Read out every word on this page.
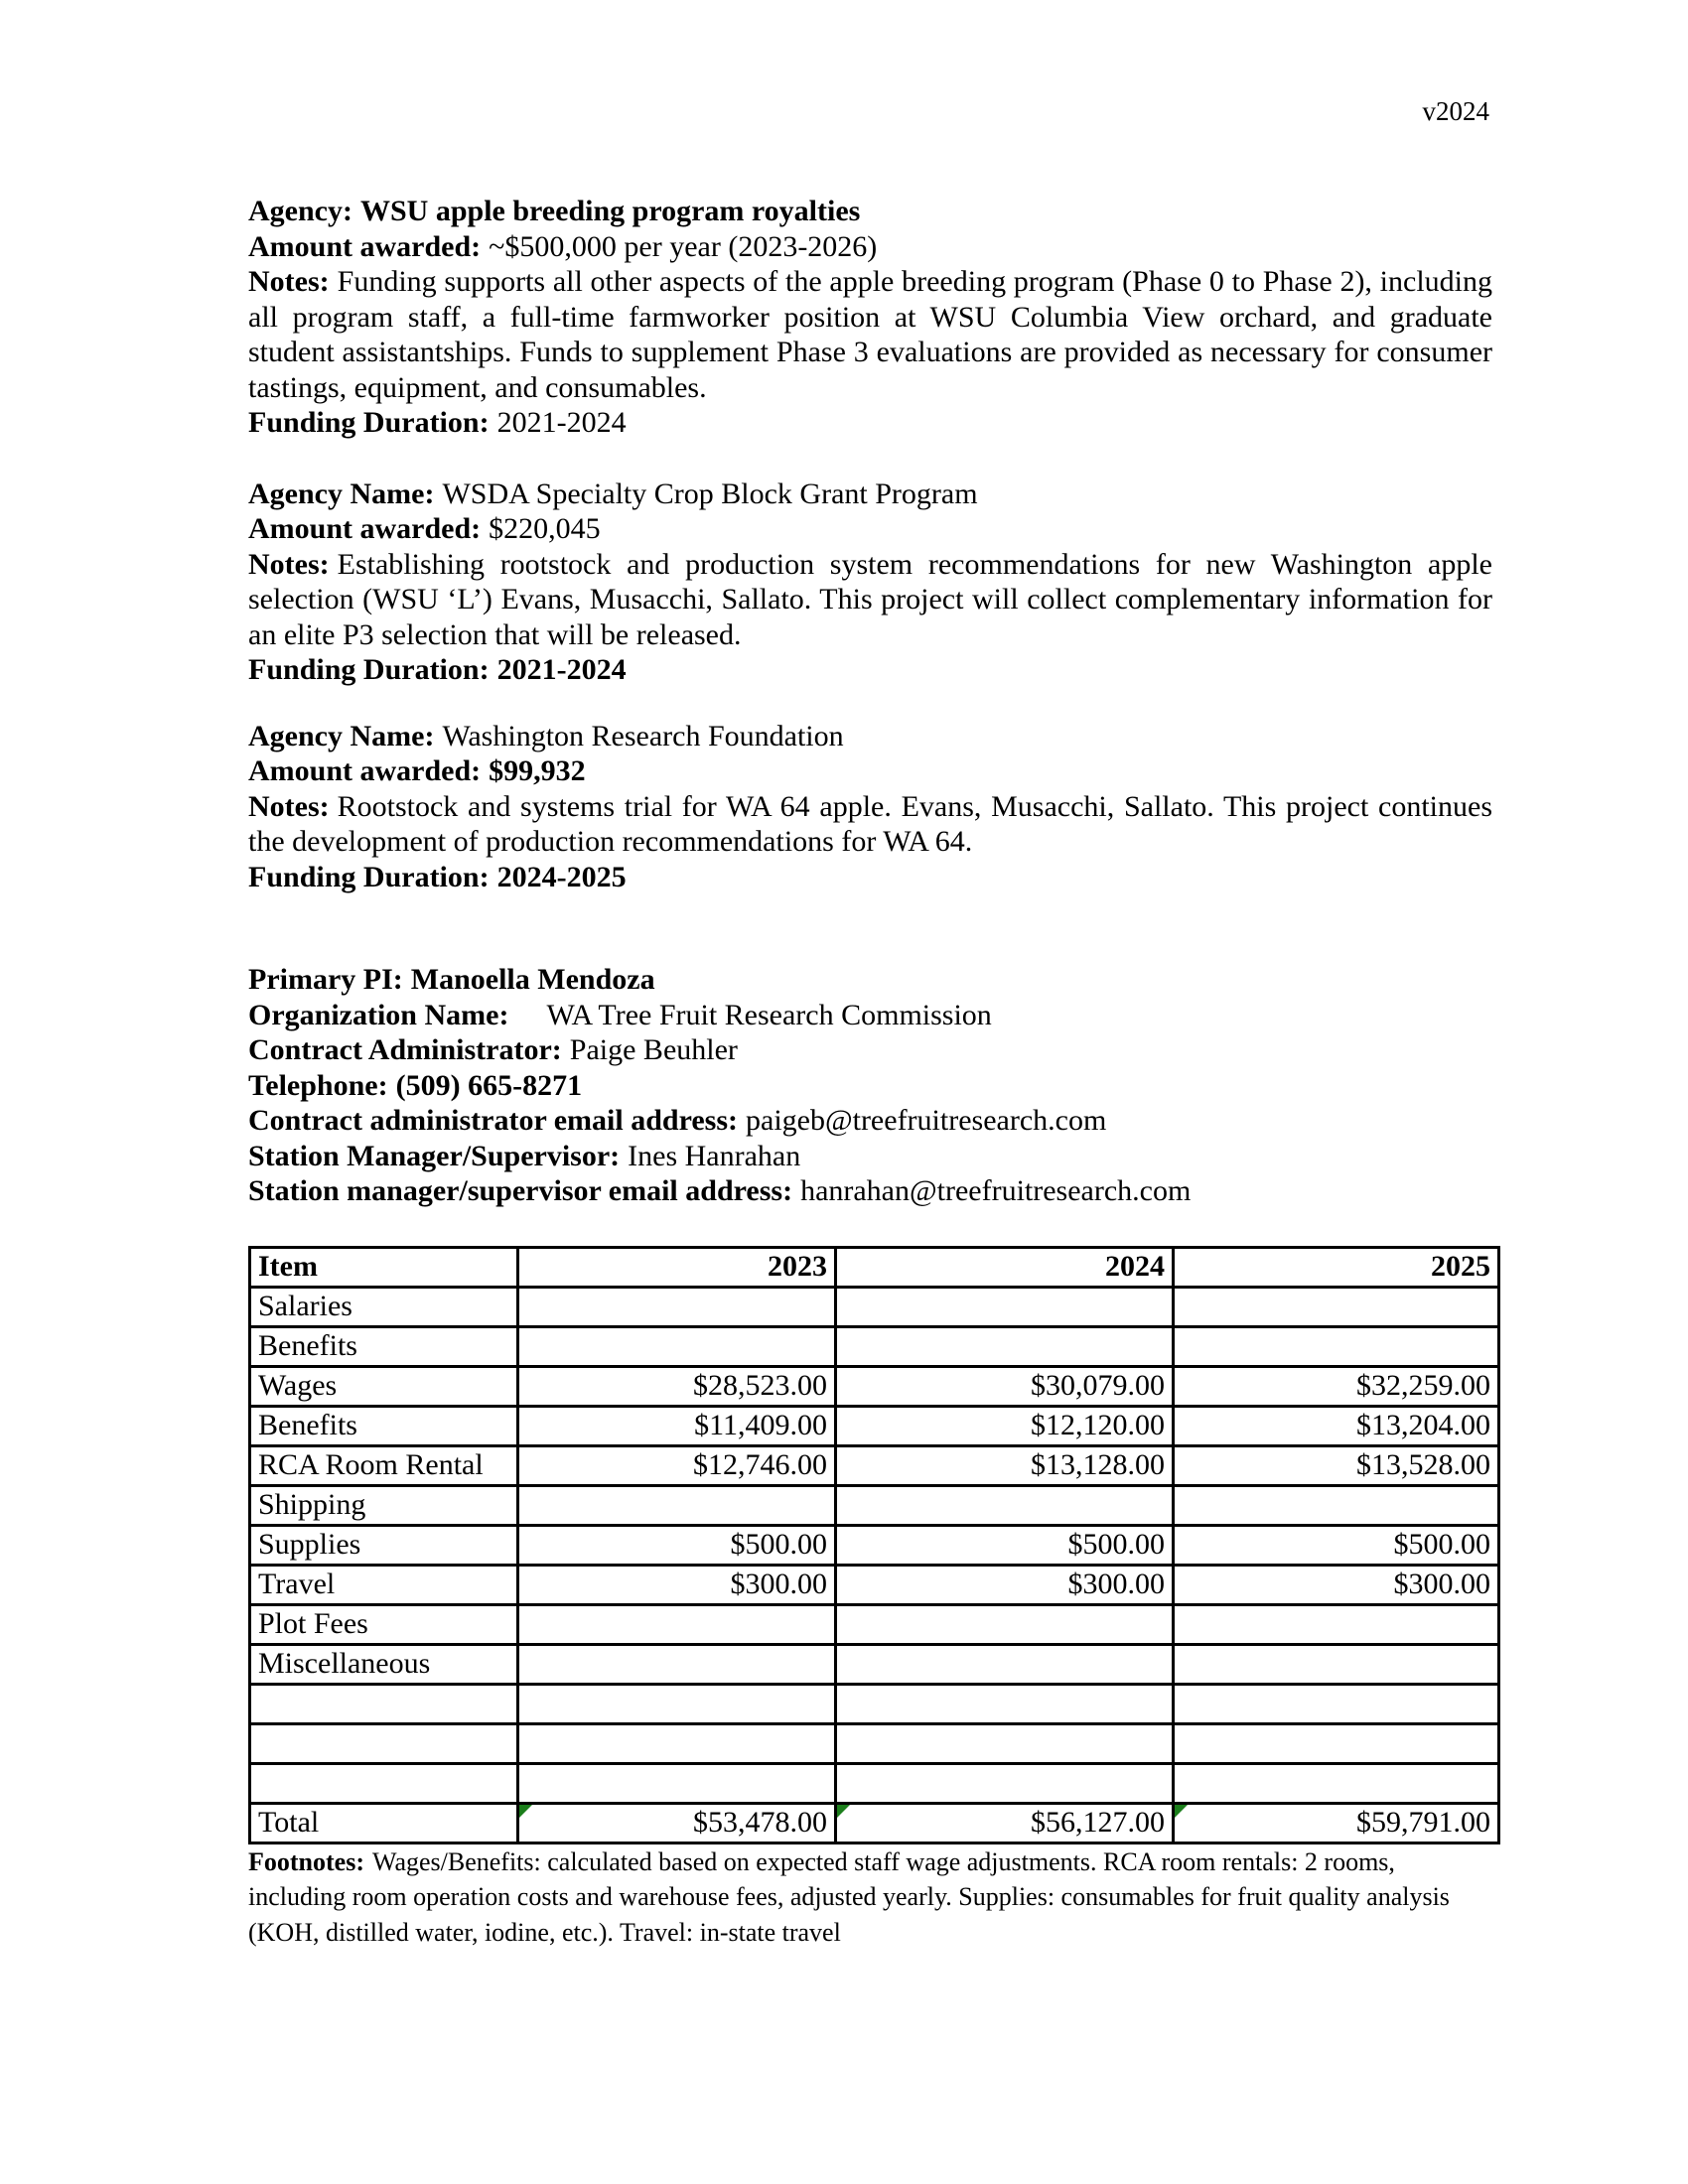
v2024

Agency: WSU apple breeding program royalties

Amount awarded: ~$500,000 per year (2023-2026)

Notes: Funding supports all other aspects of the apple breeding program (Phase 0 to Phase 2), including all program staff, a full-time farmworker position at WSU Columbia View orchard, and graduate student assistantships. Funds to supplement Phase 3 evaluations are provided as necessary for consumer tastings, equipment, and consumables.

Funding Duration: 2021-2024

Agency Name: WSDA Specialty Crop Block Grant Program

Amount awarded: $220,045

Notes: Establishing rootstock and production system recommendations for new Washington apple selection (WSU ‘L’) Evans, Musacchi, Sallato. This project will collect complementary information for an elite P3 selection that will be released.

Funding Duration: 2021-2024

Agency Name: Washington Research Foundation

Amount awarded: $99,932

Notes: Rootstock and systems trial for WA 64 apple. Evans, Musacchi, Sallato. This project continues the development of production recommendations for WA 64.

Funding Duration: 2024-2025

Primary PI: Manoella Mendoza

Organization Name: WA Tree Fruit Research Commission

Contract Administrator: Paige Beuhler

Telephone: (509) 665-8271

Contract administrator email address: paigeb@treefruitresearch.com

Station Manager/Supervisor: Ines Hanrahan

Station manager/supervisor email address: hanrahan@treefruitresearch.com

Item	2023	2024	2025
Salaries			
Benefits			
Wages	$28,523.00	$30,079.00	$32,259.00
Benefits	$11,409.00	$12,120.00	$13,204.00
RCA Room Rental	$12,746.00	$13,128.00	$13,528.00
Shipping			
Supplies	$500.00	$500.00	$500.00
Travel	$300.00	$300.00	$300.00
Plot Fees			
Miscellaneous			

Total	$53,478.00	$56,127.00	$59,791.00

Footnotes: Wages/Benefits: calculated based on expected staff wage adjustments. RCA room rentals: 2 rooms, including room operation costs and warehouse fees, adjusted yearly. Supplies: consumables for fruit quality analysis (KOH, distilled water, iodine, etc.). Travel: in-state travel
